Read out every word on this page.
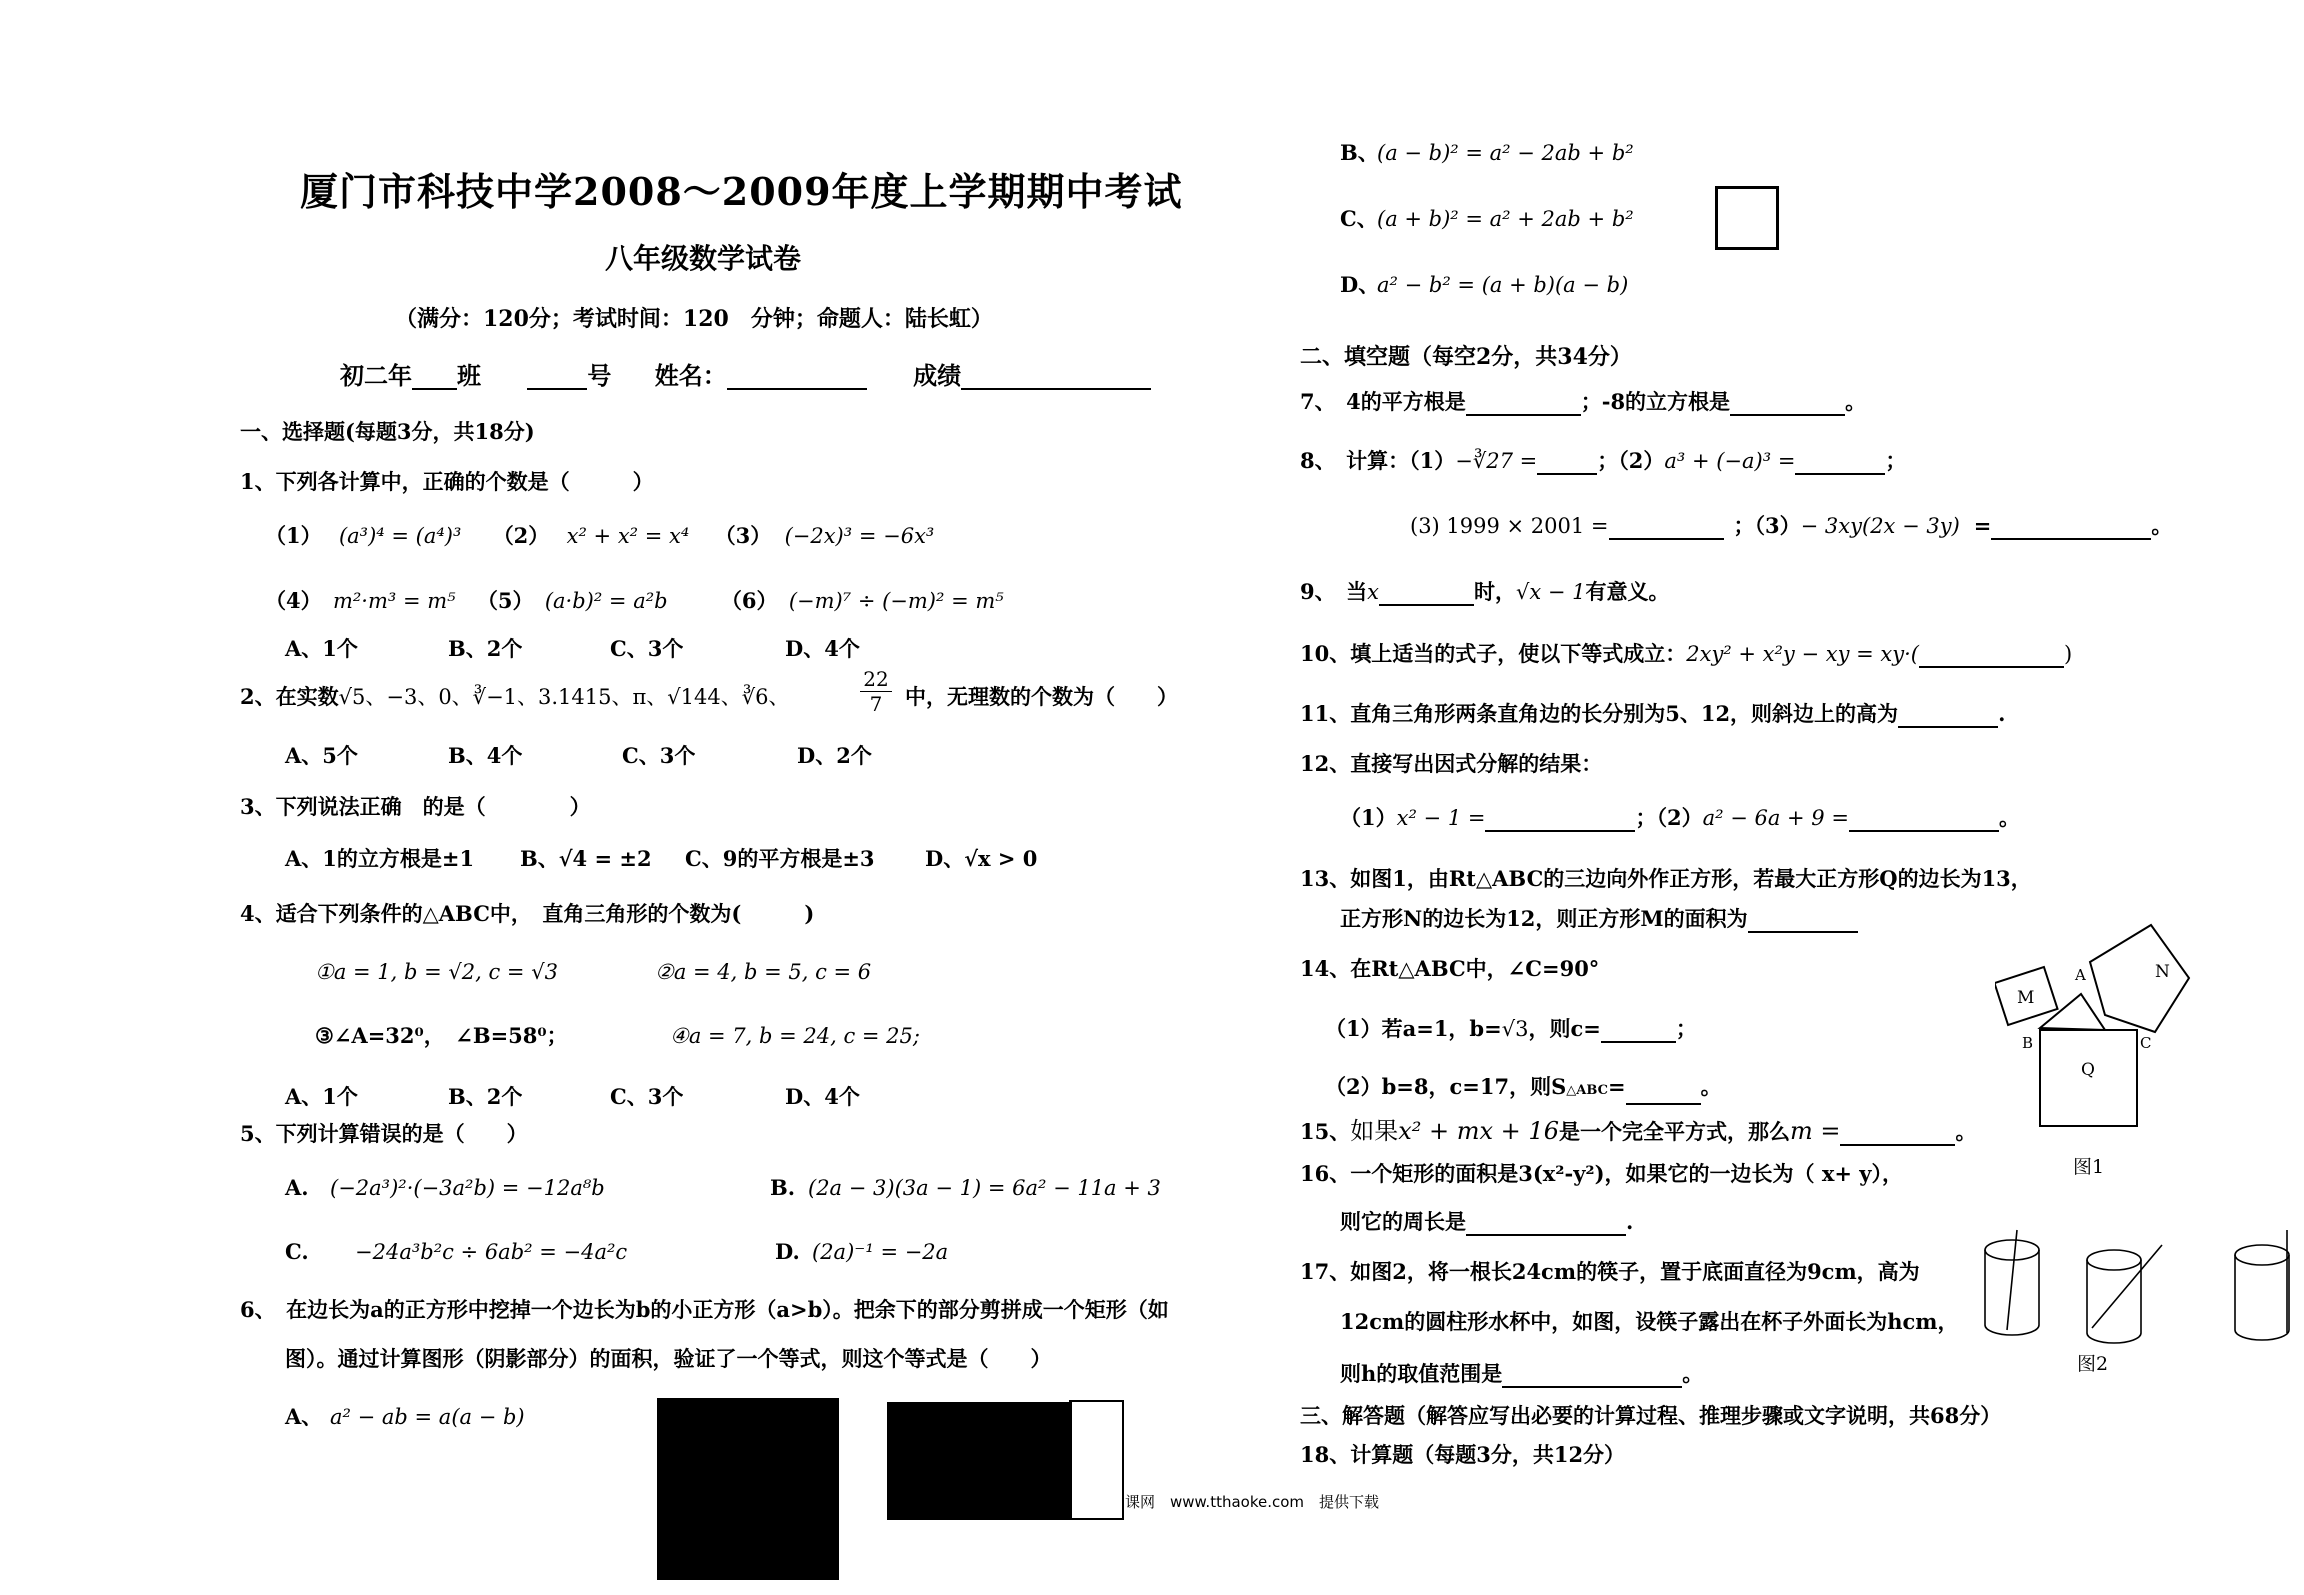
厦门市科技中学2008～2009年度上学期期中考试
八年级数学试卷
（满分：120分；考试时间：120　分钟；命题人：陆长虹）
初二年 班	号 姓名：	成绩
一、选择题(每题3分，共18分)
1、下列各计算中，正确的个数是（　　　）
（1） (a³)⁴ = (a⁴)³ （2） x² + x² = x⁴ （3） (−2x)³ = −6x³
（4） m²·m³ = m⁵ （5） (a·b)² = a²b	（6） (−m)⁷ ÷ (−m)² = m⁵
A、1个	B、2个	C、3个	D、4个
2、在实数√5、−3、0、∛−1、3.1415、π、√144、∛6、	$\frac{22}{7}$ 中，无理数的个数为（　　）
A、5个	B、4个	C、3个	D、2个
3、下列说法正确　的是（　　　　）
A、1的立方根是±1 B、√4 = ±2 C、9的平方根是±3 D、√x > 0
4、适合下列条件的△ABC中，　直角三角形的个数为(　　　)
①a = 1, b = √2, c = √3	②a = 4, b = 5, c = 6
③∠A=32⁰，　∠B=58⁰；	④a = 7, b = 24, c = 25;
A、1个	B、2个	C、3个	D、4个
5、下列计算错误的是（　　）
A. (−2a³)²·(−3a²b) = −12a⁸b	B. (2a − 3)(3a − 1) = 6a² − 11a + 3
C. −24a³b²c ÷ 6ab² = −4a²c	D. (2a)⁻¹ = −2a
6、　在边长为a的正方形中挖掉一个边长为b的小正方形（a>b）。把余下的部分剪拼成一个矩形（如
图）。通过计算图形（阴影部分）的面积，验证了一个等式，则这个等式是（　　）
A、 a² − ab = a(a − b)
B、
(a − b)² = a² − 2ab + b²
C、 (a + b)² = a² + 2ab + b²
D、
a² − b² = (a + b)(a − b)
二、填空题（每空2分，共34分）
7、　4的平方根是	；-8的立方根是	。
8、　计算：（1）−∛27 =	；（2）a³ + (−a)³ =	；
(3) 1999 × 2001 =	；（3）− 3xy(2x − 3y) =	。
9、　当x	时，√x − 1有意义。
10、填上适当的式子，使以下等式成立：2xy² + x²y − xy = xy·(	)
11、直角三角形两条直角边的长分别为5、12，则斜边上的高为	.
12、直接写出因式分解的结果：
（1）x² − 1 =	；（2）a² − 6a + 9 =	。
13、如图1，由Rt△ABC的三边向外作正方形，若最大正方形Q的边长为13，
正方形N的边长为12，则正方形M的面积为
14、在Rt△ABC中，∠C=90°
（1）若a=1，b=√3，则c=	；
（2）b=8，c=17，则S△ABC=	。
15、如果x² + mx + 16是一个完全平方式，那么m =	。
16、一个矩形的面积是3(x²-y²)，如果它的一边长为（ x+ y），
则它的周长是	.
17、如图2，将一根长24cm的筷子，置于底面直径为9cm，高为
12cm的圆柱形水杯中，如图，设筷子露出在杯子外面长为hcm，
则h的取值范围是	。
三、解答题（解答应写出必要的计算过程、推理步骤或文字说明，共68分）
18、计算题（每题3分，共12分）
课网　www.tthaoke.com　提供下载
M
N
Q
A
B	C
图1
图2
